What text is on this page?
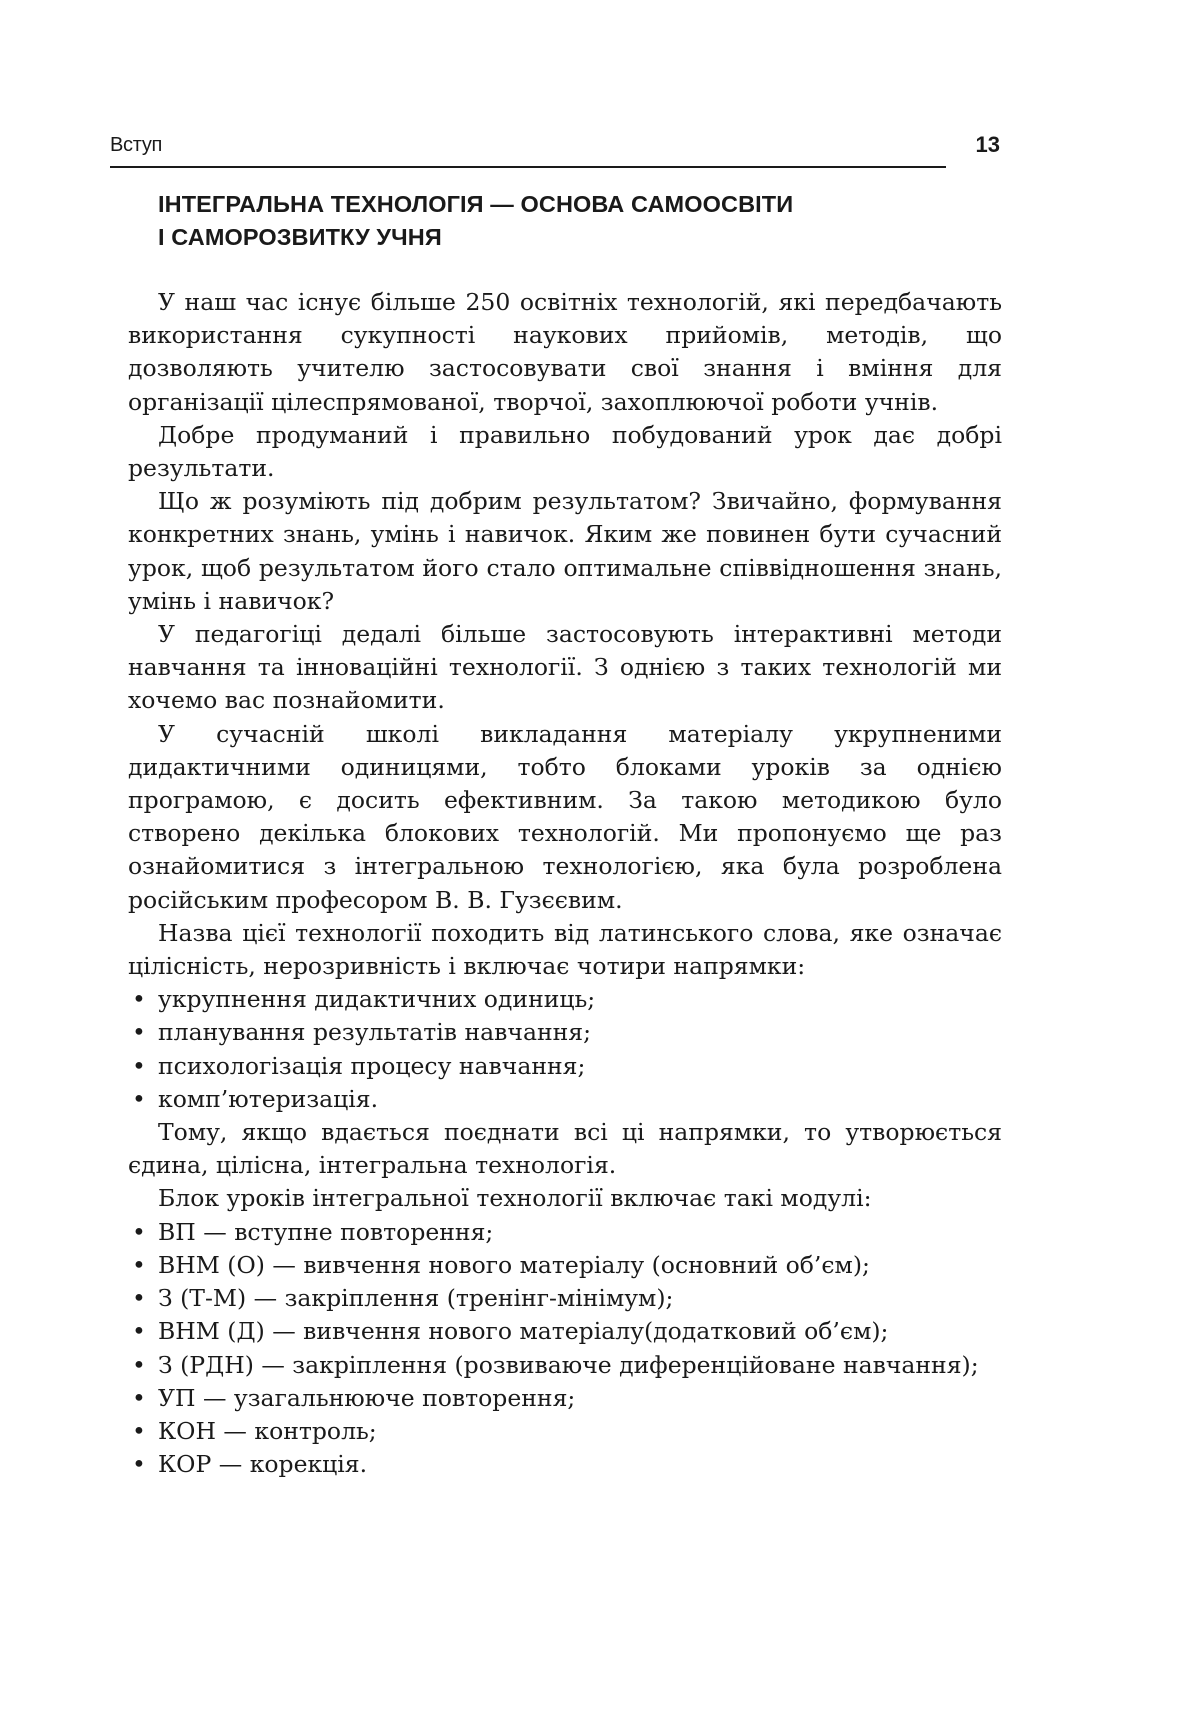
Вступ	13
ІНТЕГРАЛЬНА ТЕХНОЛОГІЯ — ОСНОВА САМООСВІТИ
І САМОРОЗВИТКУ УЧНЯ

У наш час існує більше 250 освітніх технологій, які передбачають використання сукупності наукових прийомів, методів, що дозволяють учителю застосовувати свої знання і вміння для організації цілеспрямованої, творчої, захоплюючої роботи учнів.

Добре продуманий і правильно побудований урок дає добрі результати.

Що ж розуміють під добрим результатом? Звичайно, формування конкретних знань, умінь і навичок. Яким же повинен бути сучасний урок, щоб результатом його стало оптимальне співвідношення знань, умінь і навичок?

У педагогіці дедалі більше застосовують інтерактивні методи навчання та інноваційні технології. З однією з таких технологій ми хочемо вас познайомити.

У сучасній школі викладання матеріалу укрупненими дидактичними одиницями, тобто блоками уроків за однією програмою, є досить ефективним. За такою методикою було створено декілька блокових технологій. Ми пропонуємо ще раз ознайомитися з інтегральною технологією, яка була розроблена російським професором В. В. Гузєєвим.

Назва цієї технології походить від латинського слова, яке означає цілісність, нерозривність і включає чотири напрямки:

• укрупнення дидактичних одиниць;
• планування результатів навчання;
• психологізація процесу навчання;
• комп’ютеризація.

Тому, якщо вдається поєднати всі ці напрямки, то утворюється єдина, цілісна, інтегральна технологія.

Блок уроків інтегральної технології включає такі модулі:

• ВП — вступне повторення;
• ВНМ (О) — вивчення нового матеріалу (основний об’єм);
• З (Т-М) — закріплення (тренінг-мінімум);
• ВНМ (Д) — вивчення нового матеріалу(додатковий об’єм);
• З (РДН) — закріплення (розвиваюче диференційоване навчання);
• УП — узагальнююче повторення;
• КОН — контроль;
• КОР — корекція.
